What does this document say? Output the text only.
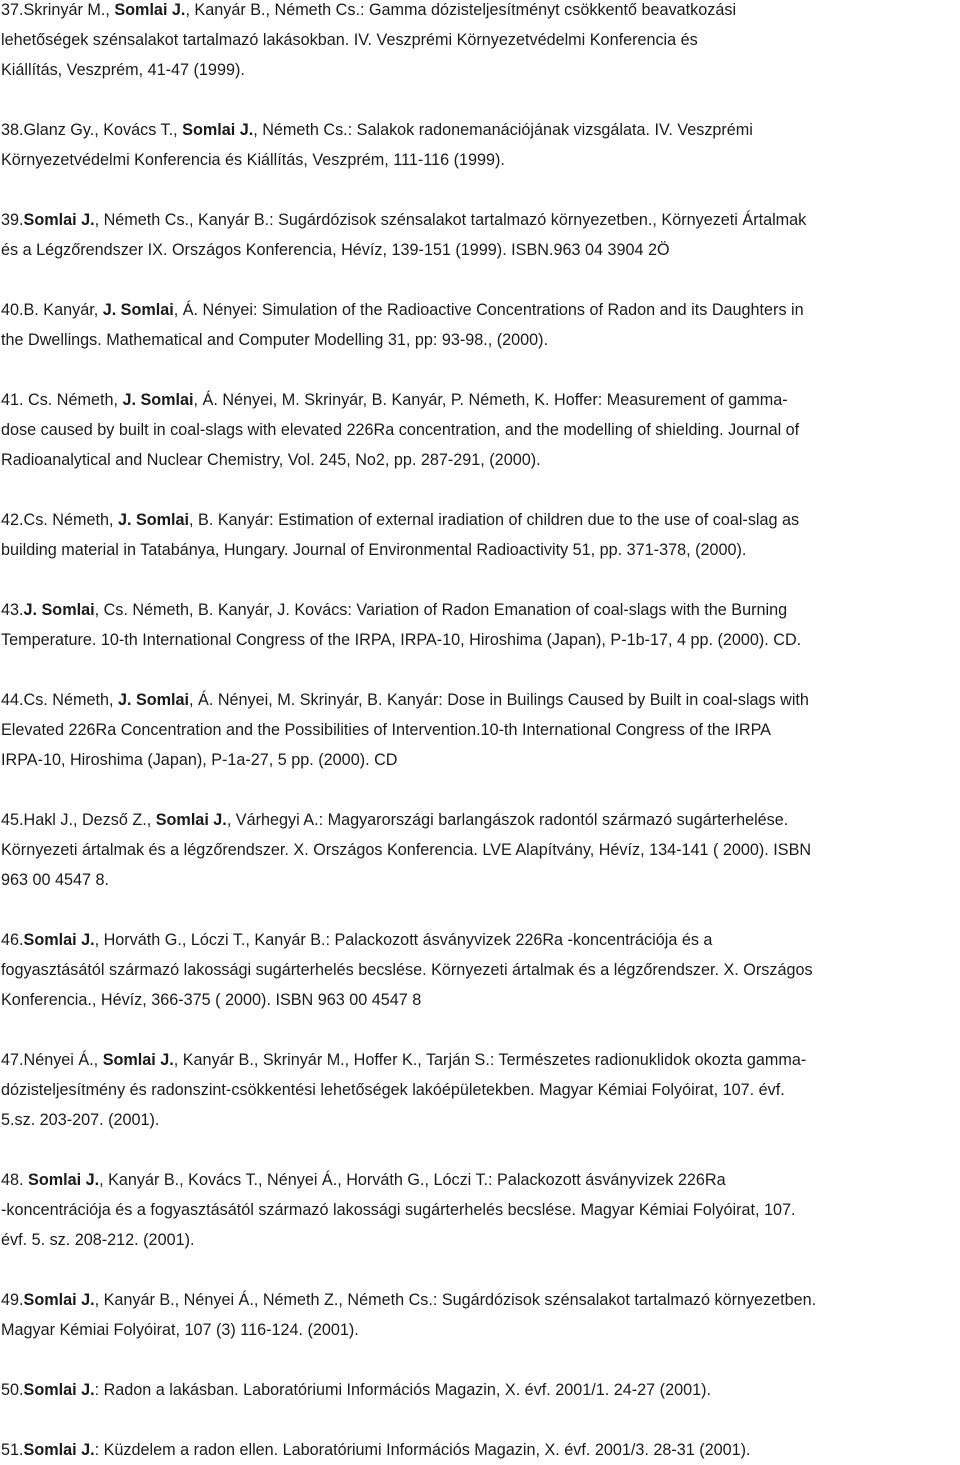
37.Skrinyár M., Somlai J., Kanyár B., Németh Cs.: Gamma dózisteljesítményt csökkentő beavatkozási
lehetőségek szénsalakot tartalmazó lakásokban. IV. Veszprémi Környezetvédelmi Konferencia és
Kiállítás, Veszprém, 41-47 (1999).
38.Glanz Gy., Kovács T., Somlai J., Németh Cs.: Salakok radonemanációjának vizsgálata. IV. Veszprémi
Környezetvédelmi Konferencia és Kiállítás, Veszprém, 111-116 (1999).
39.Somlai J., Németh Cs., Kanyár B.: Sugárdózisok szénsalakot tartalmazó környezetben., Környezeti Ártalmak
és a Légzőrendszer IX. Országos Konferencia, Hévíz, 139-151 (1999). ISBN.963 04 3904 2Ö
40.B. Kanyár, J. Somlai, Á. Nényei: Simulation of the Radioactive Concentrations of Radon and its Daughters in
the Dwellings. Mathematical and Computer Modelling 31, pp: 93-98., (2000).
41. Cs. Németh, J. Somlai, Á. Nényei, M. Skrinyár, B. Kanyár, P. Németh, K. Hoffer: Measurement of gamma-
dose caused by built in coal-slags with elevated 226Ra concentration, and the modelling of shielding. Journal of
Radioanalytical and Nuclear Chemistry, Vol. 245, No2, pp. 287-291, (2000).
42.Cs. Németh, J. Somlai, B. Kanyár: Estimation of external iradiation of children due to the use of coal-slag as
building material in Tatabánya, Hungary. Journal of Environmental Radioactivity 51, pp. 371-378, (2000).
43.J. Somlai, Cs. Németh, B. Kanyár, J. Kovács: Variation of Radon Emanation of coal-slags with the Burning
Temperature. 10-th International Congress of the IRPA, IRPA-10, Hiroshima (Japan), P-1b-17, 4 pp. (2000). CD.
44.Cs. Németh, J. Somlai, Á. Nényei, M. Skrinyár, B. Kanyár: Dose in Builings Caused by Built in coal-slags with
Elevated 226Ra Concentration and the Possibilities of Intervention.10-th International Congress of the IRPA
IRPA-10, Hiroshima (Japan), P-1a-27, 5 pp. (2000). CD
45.Hakl J., Dezső Z., Somlai J., Várhegyi A.: Magyarországi barlangászok radontól származó sugárterhelése.
Környezeti ártalmak és a légzőrendszer. X. Országos Konferencia. LVE Alapítvány, Hévíz, 134-141 ( 2000). ISBN
963 00 4547 8.
46.Somlai J., Horváth G., Lóczi T., Kanyár B.: Palackozott ásványvizek 226Ra -koncentrációja és a
fogyasztásától származó lakossági sugárterhelés becslése. Környezeti ártalmak és a légzőrendszer. X. Országos
Konferencia., Hévíz, 366-375 ( 2000). ISBN 963 00 4547 8
47.Nényei Á., Somlai J., Kanyár B., Skrinyár M., Hoffer K., Tarján S.: Természetes radionuklidok okozta gamma-
dózisteljesítmény és radonszint-csökkentési lehetőségek lakóépületekben. Magyar Kémiai Folyóirat, 107. évf.
5.sz. 203-207. (2001).
48. Somlai J., Kanyár B., Kovács T., Nényei Á., Horváth G., Lóczi T.: Palackozott ásványvizek 226Ra
-koncentrációja és a fogyasztásától származó lakossági sugárterhelés becslése. Magyar Kémiai Folyóirat, 107.
évf. 5. sz. 208-212. (2001).
49.Somlai J., Kanyár B., Nényei Á., Németh Z., Németh Cs.: Sugárdózisok szénsalakot tartalmazó környezetben.
Magyar Kémiai Folyóirat, 107 (3) 116-124. (2001).
50.Somlai J.: Radon a lakásban. Laboratóriumi Információs Magazin, X. évf. 2001/1. 24-27 (2001).
51.Somlai J.: Küzdelem a radon ellen. Laboratóriumi Információs Magazin, X. évf. 2001/3. 28-31 (2001).
